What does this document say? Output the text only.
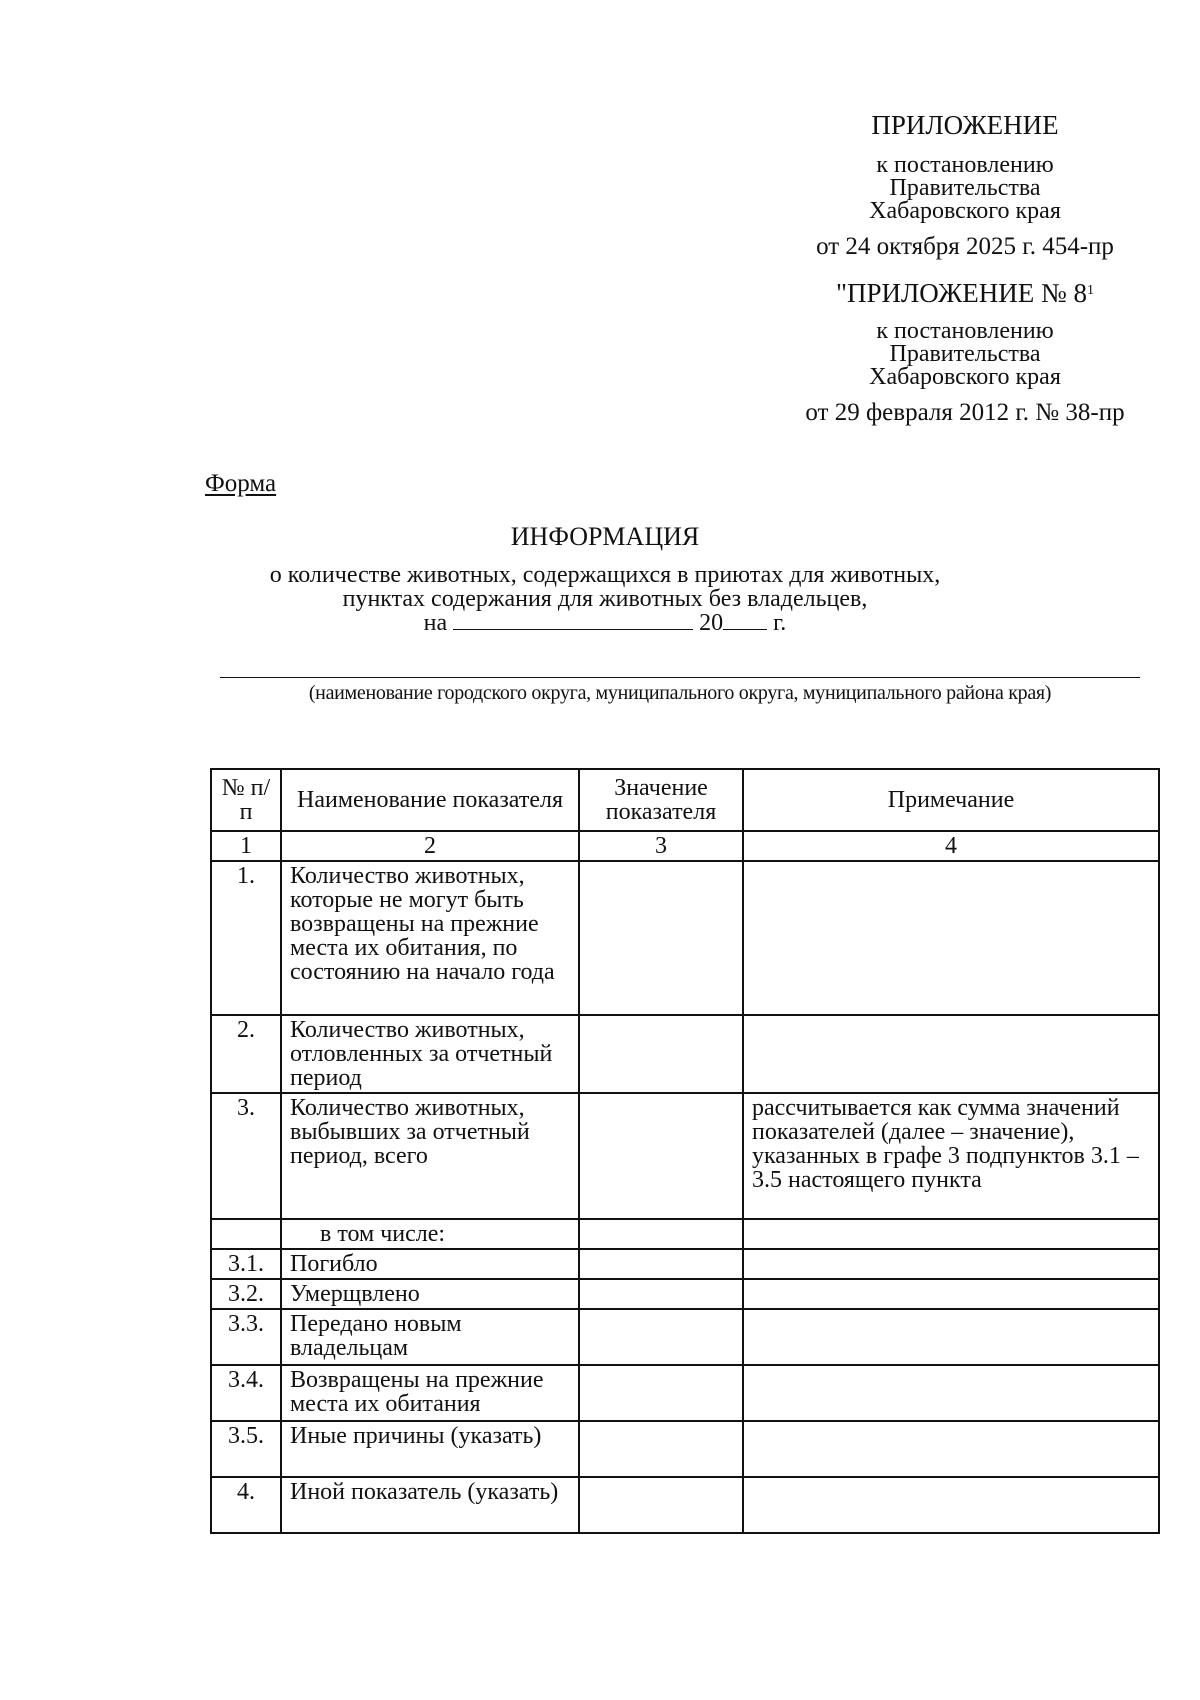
ПРИЛОЖЕНИЕ
к постановлению
Правительства
Хабаровского края
от 24 октября 2025 г. 454-пр
"ПРИЛОЖЕНИЕ № $8^1$
к постановлению
Правительства
Хабаровского края
от 29 февраля 2012 г. № 38-пр
Форма
ИНФОРМАЦИЯ
о количестве животных, содержащихся в приютах для животных,
пунктах содержания для животных без владельцев,
на	20 г.
(наименование городского округа, муниципального округа, муниципального района края)
№ п/п	Наименование показателя	Значение показателя	Примечание
1	2	3	4
1.	Количество животных, которые не могут быть возвращены на прежние места их обитания, по состоянию на начало года		
2.	Количество животных, отловленных за отчетный период		
3.	Количество животных, выбывших за отчетный период, всего		рассчитывается как сумма значений показателей (далее – значение), указанных в графе 3 подпунктов 3.1 – 3.5 настоящего пункта
	в том числе:		
3.1.	Погибло		
3.2.	Умерщвлено		
3.3.	Передано новым владельцам		
3.4.	Возвращены на прежние места их обитания		
3.5.	Иные причины (указать)		
4.	Иной показатель (указать)		
